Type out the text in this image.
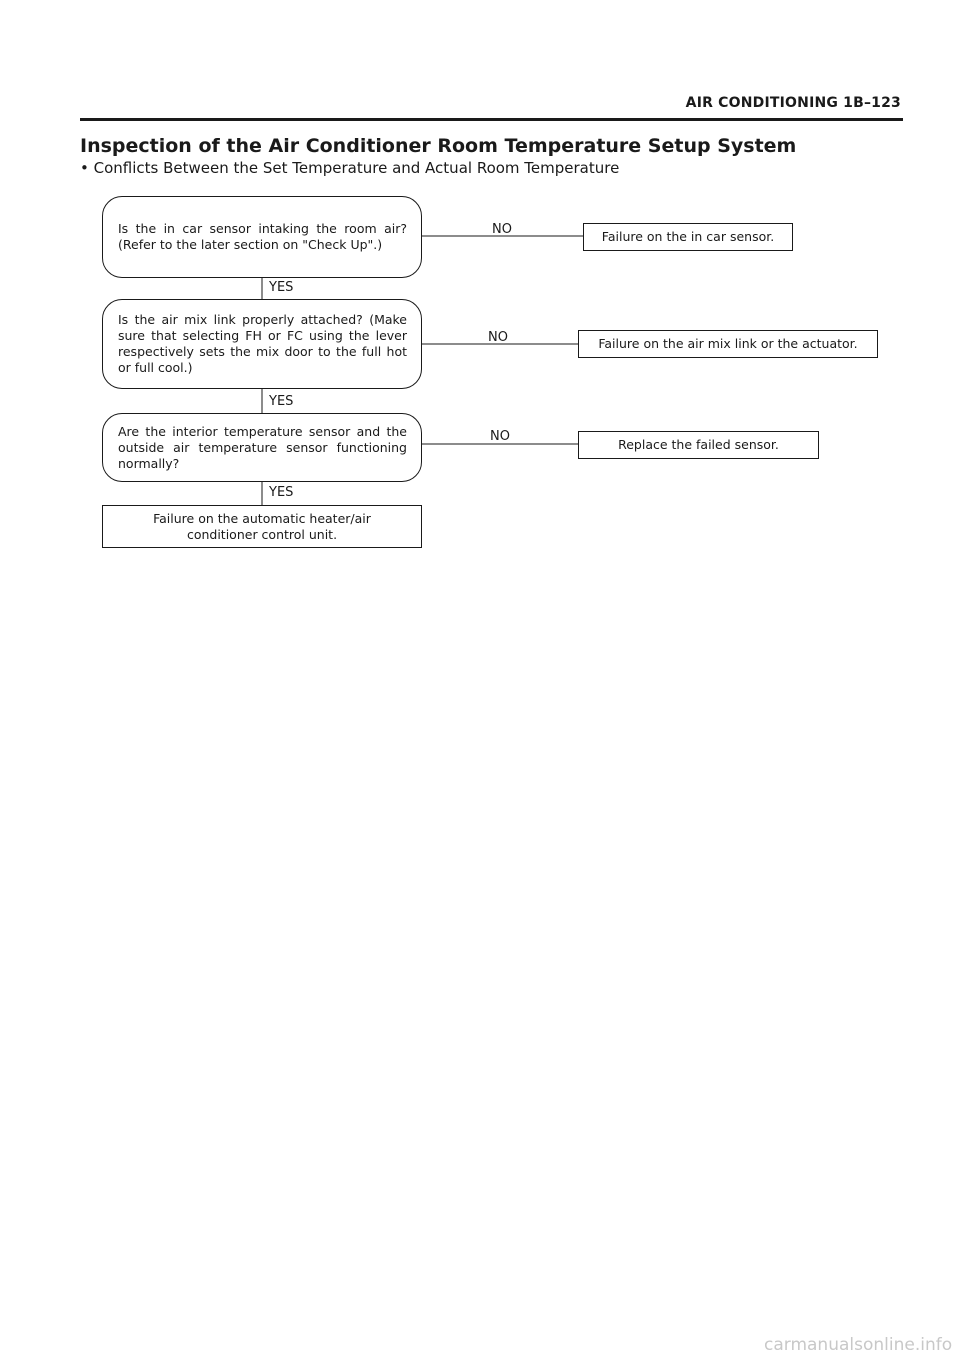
AIR CONDITIONING 1B–123
Inspection of the Air Conditioner Room Temperature Setup System
• Conflicts Between the Set Temperature and Actual Room Temperature
Is the in car sensor intaking the room air? (Refer to the later section on "Check Up".)
Is the air mix link properly attached? (Make sure that selecting FH or FC using the lever respectively sets the mix door to the full hot or full cool.)
Are the interior temperature sensor and the outside air temperature sensor functioning normally?
Failure on the automatic heater/air conditioner control unit.
Failure on the in car sensor.
Failure on the air mix link or the actuator.
Replace the failed sensor.
YES
YES
YES
NO
NO
NO
carmanualsonline.info
